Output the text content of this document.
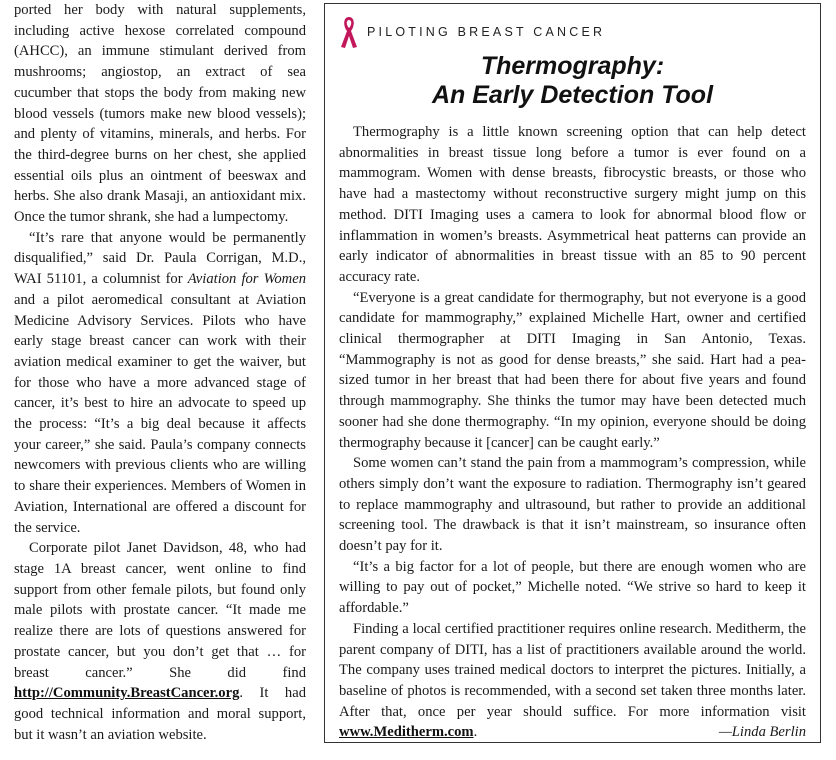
ported her body with natural supplements, including active hexose correlated compound (AHCC), an immune stimulant derived from mushrooms; angiostop, an extract of sea cucumber that stops the body from making new blood vessels (tumors make new blood vessels); and plenty of vitamins, minerals, and herbs. For the third-degree burns on her chest, she applied essential oils plus an ointment of beeswax and herbs. She also drank Masaji, an antioxidant mix. Once the tumor shrank, she had a lumpectomy.

“It’s rare that anyone would be permanently disqualified,” said Dr. Paula Corrigan, M.D., WAI 51101, a columnist for Aviation for Women and a pilot aeromedical consultant at Aviation Medicine Advisory Services. Pilots who have early stage breast cancer can work with their aviation medical examiner to get the waiver, but for those who have a more advanced stage of cancer, it’s best to hire an advocate to speed up the process: “It’s a big deal because it affects your career,” she said. Paula’s company connects newcomers with previous clients who are willing to share their experiences. Members of Women in Aviation, International are offered a discount for the service.

Corporate pilot Janet Davidson, 48, who had stage 1A breast cancer, went online to find support from other female pilots, but found only male pilots with prostate cancer. “It made me realize there are lots of questions answered for prostate cancer, but you don’t get that … for breast cancer.” She did find http://Community.BreastCancer.org. It had good technical information and moral support, but it wasn’t an aviation website.

PILOTING BREAST CANCER
Thermography:
An Early Detection Tool

Thermography is a little known screening option that can help detect abnormalities in breast tissue long before a tumor is ever found on a mammogram. Women with dense breasts, fibrocystic breasts, or those who have had a mastectomy without reconstructive surgery might jump on this method. DITI Imaging uses a camera to look for abnormal blood flow or inflammation in women’s breasts. Asymmetrical heat patterns can provide an early indicator of abnormalities in breast tissue with an 85 to 90 percent accuracy rate.

“Everyone is a great candidate for thermography, but not everyone is a good candidate for mammography,” explained Michelle Hart, owner and certified clinical thermographer at DITI Imaging in San Antonio, Texas. “Mammography is not as good for dense breasts,” she said. Hart had a pea-sized tumor in her breast that had been there for about five years and found through mammography. She thinks the tumor may have been detected much sooner had she done thermography. “In my opinion, everyone should be doing thermography because it [cancer] can be caught early.”

Some women can’t stand the pain from a mammogram’s compression, while others simply don’t want the exposure to radiation. Thermography isn’t geared to replace mammography and ultrasound, but rather to provide an additional screening tool. The drawback is that it isn’t mainstream, so insurance often doesn’t pay for it.

“It’s a big factor for a lot of people, but there are enough women who are willing to pay out of pocket,” Michelle noted. “We strive so hard to keep it affordable.”

Finding a local certified practitioner requires online research. Meditherm, the parent company of DITI, has a list of practitioners available around the world. The company uses trained medical doctors to interpret the pictures. Initially, a baseline of photos is recommended, with a second set taken three months later. After that, once per year should suffice. For more information visit www.Meditherm.com.	—Linda Berlin
